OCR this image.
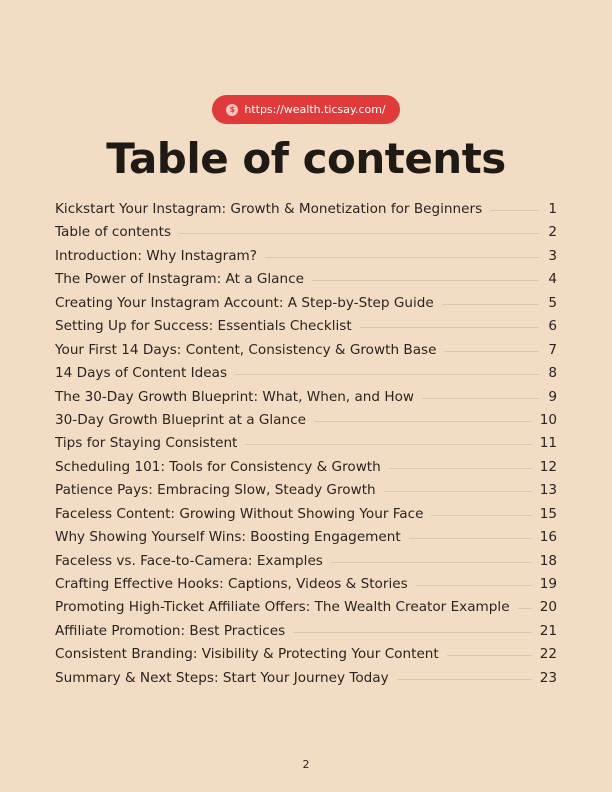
$ https://wealth.ticsay.com/
Table of contents
Kickstart Your Instagram: Growth & Monetization for Beginners	1
Table of contents	2
Introduction: Why Instagram?	3
The Power of Instagram: At a Glance	4
Creating Your Instagram Account: A Step-by-Step Guide	5
Setting Up for Success: Essentials Checklist	6
Your First 14 Days: Content, Consistency & Growth Base	7
14 Days of Content Ideas	8
The 30-Day Growth Blueprint: What, When, and How	9
30-Day Growth Blueprint at a Glance	10
Tips for Staying Consistent	11
Scheduling 101: Tools for Consistency & Growth	12
Patience Pays: Embracing Slow, Steady Growth	13
Faceless Content: Growing Without Showing Your Face	15
Why Showing Yourself Wins: Boosting Engagement	16
Faceless vs. Face-to-Camera: Examples	18
Crafting Effective Hooks: Captions, Videos & Stories	19
Promoting High-Ticket Affiliate Offers: The Wealth Creator Example 20
Affiliate Promotion: Best Practices	21
Consistent Branding: Visibility & Protecting Your Content	22
Summary & Next Steps: Start Your Journey Today	23
2
